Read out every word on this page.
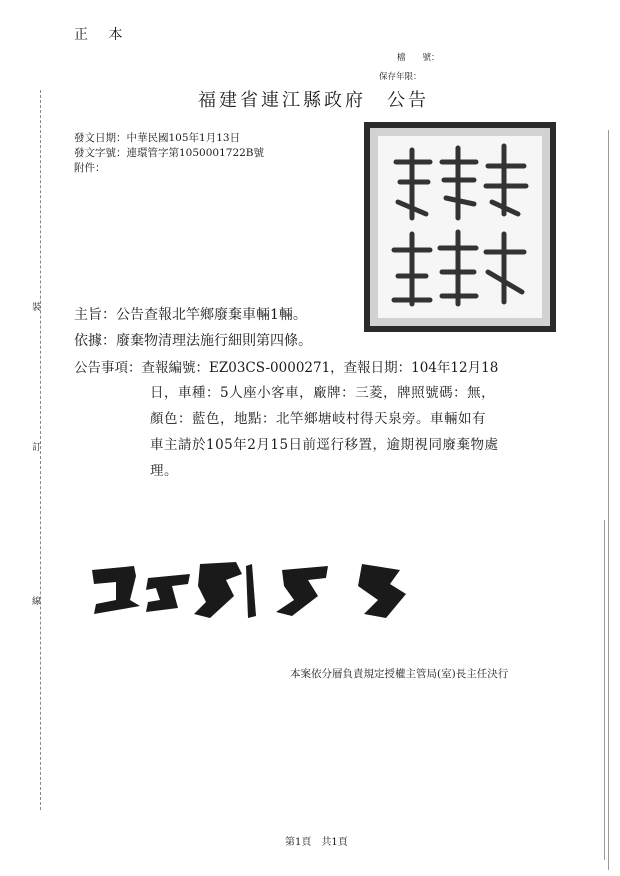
正 本
檔　　號：
保存年限：
福建省連江縣政府　公告
發文日期：中華民國105年1月13日
發文字號：連環管字第1050001722B號
附件：
主旨：公告查報北竿鄉廢棄車輛1輛。
依據：廢棄物清理法施行細則第四條。
公告事項：查報編號：EZ03CS-0000271，查報日期：104年12月18
日，車種：5人座小客車，廠牌：三菱，牌照號碼：無，
顏色：藍色，地點：北竿鄉塘岐村得天泉旁。車輛如有
車主請於105年2月15日前逕行移置，逾期視同廢棄物處
理。
裝
訂
線
本案依分層負責規定授權主管局(室)長主任決行
第1頁　共1頁
